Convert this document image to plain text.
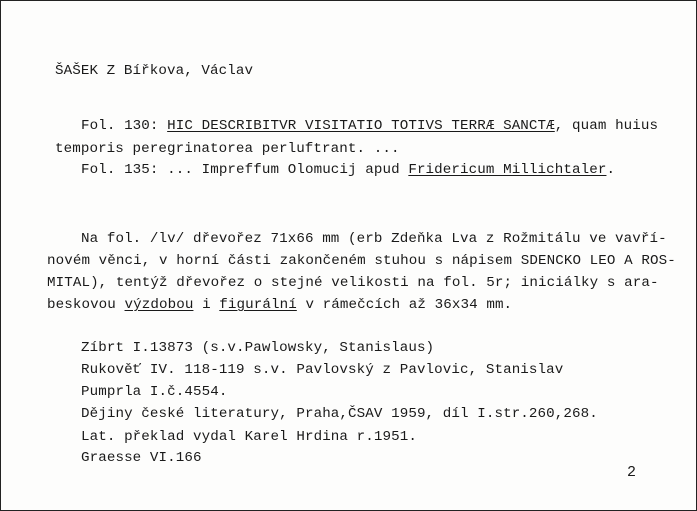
ŠAŠEK Z Bířkova, Václav
Fol. 130: HIC DESCRIBITVR VISITATIO TOTIVS TERRÆ SANCTÆ, quam huius
temporis peregrinatorea perluftrant. ...
Fol. 135: ... Impreffum Olomucij apud Fridericum Millichtaler.
Na fol. /lv/ dřevořez 71x66 mm (erb Zdeňka Lva z Rožmitálu ve vavří-
novém věnci, v horní části zakončeném stuhou s nápisem SDENCKO LEO A ROS-
MITAL), tentýž dřevořez o stejné velikosti na fol. 5r; iniciálky s ara-
beskovou výzdobou i figurální v rámečcích až 36x34 mm.
Zíbrt I.13873 (s.v.Pawlowsky, Stanislaus)
Rukověť IV. 118-119 s.v. Pavlovský z Pavlovic, Stanislav
Pumprla I.č.4554.
Dějiny české literatury, Praha,ČSAV 1959, díl I.str.260,268.
Lat. překlad vydal Karel Hrdina r.1951.
Graesse VI.166
2
